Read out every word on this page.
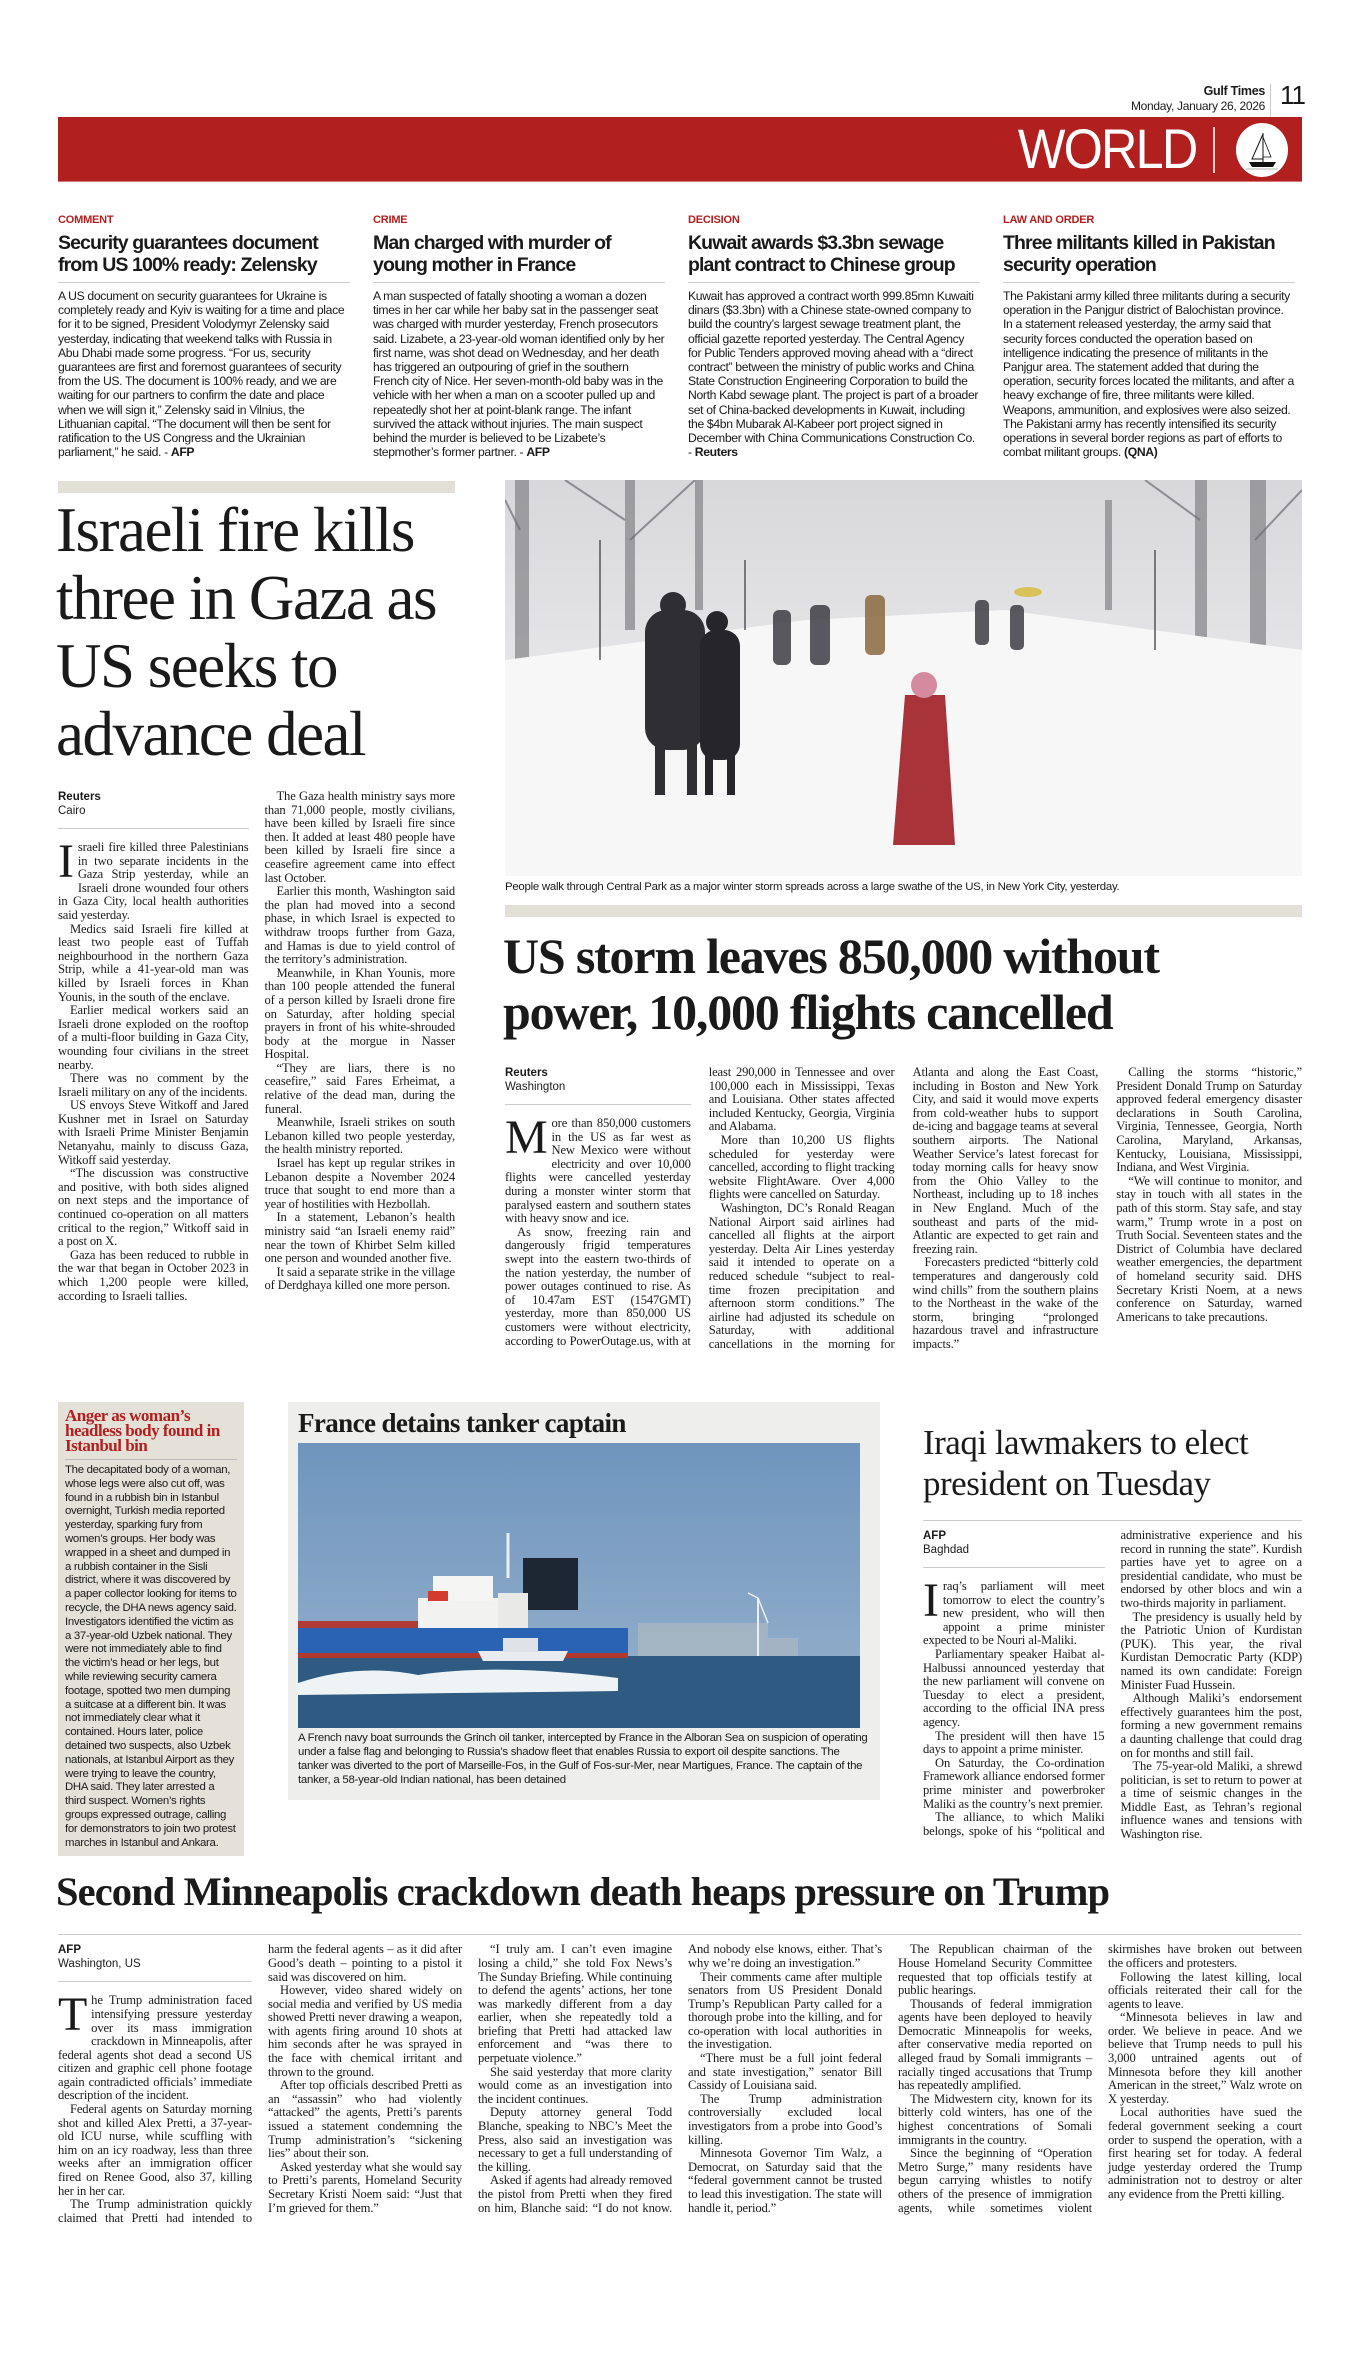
Gulf Times
Monday, January 26, 2026 11
WORLD
COMMENT
Security guarantees document from US 100% ready: Zelensky

A US document on security guarantees for Ukraine is completely ready and Kyiv is waiting for a time and place for it to be signed, President Volodymyr Zelensky said yesterday, indicating that weekend talks with Russia in Abu Dhabi made some progress. “For us, security guarantees are first and foremost guarantees of security from the US. The document is 100% ready, and we are waiting for our partners to confirm the date and place when we will sign it,” Zelensky said in Vilnius, the Lithuanian capital. “The document will then be sent for ratification to the US Congress and the Ukrainian parliament,” he said. - AFP

CRIME
Man charged with murder of young mother in France

A man suspected of fatally shooting a woman a dozen times in her car while her baby sat in the passenger seat was charged with murder yesterday, French prosecutors said. Lizabete, a 23-year-old woman identified only by her first name, was shot dead on Wednesday, and her death has triggered an outpouring of grief in the southern French city of Nice. Her seven-month-old baby was in the vehicle with her when a man on a scooter pulled up and repeatedly shot her at point-blank range. The infant survived the attack without injuries. The main suspect behind the murder is believed to be Lizabete’s stepmother’s former partner. - AFP

DECISION
Kuwait awards $3.3bn sewage plant contract to Chinese group

Kuwait has approved a contract worth 999.85mn Kuwaiti dinars ($3.3bn) with a Chinese state-owned company to build the country’s largest sewage treatment plant, the official gazette reported yesterday. The Central Agency for Public Tenders approved moving ahead with a “direct contract” between the ministry of public works and China State Construction Engineering Corporation to build the North Kabd sewage plant. The project is part of a broader set of China-backed developments in Kuwait, including the $4bn Mubarak Al-Kabeer port project signed in December with China Communications Construction Co. - Reuters

LAW AND ORDER
Three militants killed in Pakistan security operation

The Pakistani army killed three militants during a security operation in the Panjgur district of Balochistan province. In a statement released yesterday, the army said that security forces conducted the operation based on intelligence indicating the presence of militants in the Panjgur area. The statement added that during the operation, security forces located the militants, and after a heavy exchange of fire, three militants were killed. Weapons, ammunition, and explosives were also seized. The Pakistani army has recently intensified its security operations in several border regions as part of efforts to combat militant groups. (QNA)

Israeli fire kills three in Gaza as US seeks to advance deal
Reuters
Cairo

Israeli fire killed three Palestinians in two separate incidents in the Gaza Strip yesterday, while an Israeli drone wounded four others in Gaza City, local health authorities said yesterday.

Medics said Israeli fire killed at least two people east of Tuffah neighbourhood in the northern Gaza Strip, while a 41-year-old man was killed by Israeli forces in Khan Younis, in the south of the enclave.

Earlier medical workers said an Israeli drone exploded on the rooftop of a multi-floor building in Gaza City, wounding four civilians in the street nearby.

There was no comment by the Israeli military on any of the incidents.

US envoys Steve Witkoff and Jared Kushner met in Israel on Saturday with Israeli Prime Minister Benjamin Netanyahu, mainly to discuss Gaza, Witkoff said yesterday.

“The discussion was constructive and positive, with both sides aligned on next steps and the importance of continued co-operation on all matters critical to the region,” Witkoff said in a post on X.

Gaza has been reduced to rubble in the war that began in October 2023 in which 1,200 people were killed, according to Israeli tallies.

The Gaza health ministry says more than 71,000 people, mostly civilians, have been killed by Israeli fire since then. It added at least 480 people have been killed by Israeli fire since a ceasefire agreement came into effect last October.

Earlier this month, Washington said the plan had moved into a second phase, in which Israel is expected to withdraw troops further from Gaza, and Hamas is due to yield control of the territory’s administration.

Meanwhile, in Khan Younis, more than 100 people attended the funeral of a person killed by Israeli drone fire on Saturday, after holding special prayers in front of his white-shrouded body at the morgue in Nasser Hospital.

“They are liars, there is no ceasefire,” said Fares Erheimat, a relative of the dead man, during the funeral.

Meanwhile, Israeli strikes on south Lebanon killed two people yesterday, the health ministry reported.

Israel has kept up regular strikes in Lebanon despite a November 2024 truce that sought to end more than a year of hostilities with Hezbollah.

In a statement, Lebanon’s health ministry said “an Israeli enemy raid” near the town of Khirbet Selm killed one person and wounded another five.

It said a separate strike in the village of Derdghaya killed one more person.

People walk through Central Park as a major winter storm spreads across a large swathe of the US, in New York City, yesterday.
US storm leaves 850,000 without power, 10,000 flights cancelled
Reuters
Washington

More than 850,000 customers in the US as far west as New Mexico were without electricity and over 10,000 flights were cancelled yesterday during a monster winter storm that paralysed eastern and southern states with heavy snow and ice.

As snow, freezing rain and dangerously frigid temperatures swept into the eastern two-thirds of the nation yesterday, the number of power outages continued to rise. As of 10.47am EST (1547GMT) yesterday, more than 850,000 US customers were without electricity, according to PowerOutage.us, with at least 290,000 in Tennessee and over 100,000 each in Mississippi, Texas and Louisiana. Other states affected included Kentucky, Georgia, Virginia and Alabama.

More than 10,200 US flights scheduled for yesterday were cancelled, according to flight tracking website FlightAware. Over 4,000 flights were cancelled on Saturday.

Washington, DC’s Ronald Reagan National Airport said airlines had cancelled all flights at the airport yesterday. Delta Air Lines yesterday said it intended to operate on a reduced schedule “subject to real-time frozen precipitation and afternoon storm conditions.” The airline had adjusted its schedule on Saturday, with additional cancellations in the morning for Atlanta and along the East Coast, including in Boston and New York City, and said it would move experts from cold-weather hubs to support de-icing and baggage teams at several southern airports. The National Weather Service’s latest forecast for today morning calls for heavy snow from the Ohio Valley to the Northeast, including up to 18 inches in New England. Much of the southeast and parts of the mid-Atlantic are expected to get rain and freezing rain.

Forecasters predicted “bitterly cold temperatures and dangerously cold wind chills” from the southern plains to the Northeast in the wake of the storm, bringing “prolonged hazardous travel and infrastructure impacts.”

Calling the storms “historic,” President Donald Trump on Saturday approved federal emergency disaster declarations in South Carolina, Virginia, Tennessee, Georgia, North Carolina, Maryland, Arkansas, Kentucky, Louisiana, Mississippi, Indiana, and West Virginia.

“We will continue to monitor, and stay in touch with all states in the path of this storm. Stay safe, and stay warm,” Trump wrote in a post on Truth Social. Seventeen states and the District of Columbia have declared weather emergencies, the department of homeland security said. DHS Secretary Kristi Noem, at a news conference on Saturday, warned Americans to take precautions.

Anger as woman’s headless body found in Istanbul bin

The decapitated body of a woman, whose legs were also cut off, was found in a rubbish bin in Istanbul overnight, Turkish media reported yesterday, sparking fury from women’s groups. Her body was wrapped in a sheet and dumped in a rubbish container in the Sisli district, where it was discovered by a paper collector looking for items to recycle, the DHA news agency said.

Investigators identified the victim as a 37-year-old Uzbek national. They were not immediately able to find the victim’s head or her legs, but while reviewing security camera footage, spotted two men dumping a suitcase at a different bin. It was not immediately clear what it contained. Hours later, police detained two suspects, also Uzbek nationals, at Istanbul Airport as they were trying to leave the country, DHA said. They later arrested a third suspect. Women’s rights groups expressed outrage, calling for demonstrators to join two protest marches in Istanbul and Ankara.

France detains tanker captain
A French navy boat surrounds the Grinch oil tanker, intercepted by France in the Alboran Sea on suspicion of operating under a false flag and belonging to Russia’s shadow fleet that enables Russia to export oil despite sanctions. The tanker was diverted to the port of Marseille-Fos, in the Gulf of Fos-sur-Mer, near Martigues, France. The captain of the tanker, a 58-year-old Indian national, has been detained
Iraqi lawmakers to elect president on Tuesday
AFP
Baghdad

Iraq’s parliament will meet tomorrow to elect the country’s new president, who will then appoint a prime minister expected to be Nouri al-Maliki.

Parliamentary speaker Haibat al-Halbussi announced yesterday that the new parliament will convene on Tuesday to elect a president, according to the official INA press agency.

The president will then have 15 days to appoint a prime minister.

On Saturday, the Co-ordination Framework alliance endorsed former prime minister and powerbroker Maliki as the country’s next premier.

The alliance, to which Maliki belongs, spoke of his “political and administrative experience and his record in running the state”. Kurdish parties have yet to agree on a presidential candidate, who must be endorsed by other blocs and win a two-thirds majority in parliament.

The presidency is usually held by the Patriotic Union of Kurdistan (PUK). This year, the rival Kurdistan Democratic Party (KDP) named its own candidate: Foreign Minister Fuad Hussein.

Although Maliki’s endorsement effectively guarantees him the post, forming a new government remains a daunting challenge that could drag on for months and still fail.

The 75-year-old Maliki, a shrewd politician, is set to return to power at a time of seismic changes in the Middle East, as Tehran’s regional influence wanes and tensions with Washington rise.

Second Minneapolis crackdown death heaps pressure on Trump
AFP
Washington, US

The Trump administration faced intensifying pressure yesterday over its mass immigration crackdown in Minneapolis, after federal agents shot dead a second US citizen and graphic cell phone footage again contradicted officials’ immediate description of the incident.

Federal agents on Saturday morning shot and killed Alex Pretti, a 37-year-old ICU nurse, while scuffling with him on an icy roadway, less than three weeks after an immigration officer fired on Renee Good, also 37, killing her in her car.

The Trump administration quickly claimed that Pretti had intended to harm the federal agents – as it did after Good’s death – pointing to a pistol it said was discovered on him.

However, video shared widely on social media and verified by US media showed Pretti never drawing a weapon, with agents firing around 10 shots at him seconds after he was sprayed in the face with chemical irritant and thrown to the ground.

After top officials described Pretti as an “assassin” who had violently “attacked” the agents, Pretti’s parents issued a statement condemning the Trump administration’s “sickening lies” about their son.

Asked yesterday what she would say to Pretti’s parents, Homeland Security Secretary Kristi Noem said: “Just that I’m grieved for them.”

“I truly am. I can’t even imagine losing a child,” she told Fox News’s The Sunday Briefing. While continuing to defend the agents’ actions, her tone was markedly different from a day earlier, when she repeatedly told a briefing that Pretti had attacked law enforcement and “was there to perpetuate violence.”

She said yesterday that more clarity would come as an investigation into the incident continues.

Deputy attorney general Todd Blanche, speaking to NBC’s Meet the Press, also said an investigation was necessary to get a full understanding of the killing.

Asked if agents had already removed the pistol from Pretti when they fired on him, Blanche said: “I do not know. And nobody else knows, either. That’s why we’re doing an investigation.”

Their comments came after multiple senators from US President Donald Trump’s Republican Party called for a thorough probe into the killing, and for co-operation with local authorities in the investigation.

“There must be a full joint federal and state investigation,” senator Bill Cassidy of Louisiana said.

The Trump administration controversially excluded local investigators from a probe into Good’s killing.

Minnesota Governor Tim Walz, a Democrat, on Saturday said that the “federal government cannot be trusted to lead this investigation. The state will handle it, period.”

The Republican chairman of the House Homeland Security Committee requested that top officials testify at public hearings.

Thousands of federal immigration agents have been deployed to heavily Democratic Minneapolis for weeks, after conservative media reported on alleged fraud by Somali immigrants – racially tinged accusations that Trump has repeatedly amplified.

The Midwestern city, known for its bitterly cold winters, has one of the highest concentrations of Somali immigrants in the country.

Since the beginning of “Operation Metro Surge,” many residents have begun carrying whistles to notify others of the presence of immigration agents, while sometimes violent skirmishes have broken out between the officers and protesters.

Following the latest killing, local officials reiterated their call for the agents to leave.

“Minnesota believes in law and order. We believe in peace. And we believe that Trump needs to pull his 3,000 untrained agents out of Minnesota before they kill another American in the street,” Walz wrote on X yesterday.

Local authorities have sued the federal government seeking a court order to suspend the operation, with a first hearing set for today. A federal judge yesterday ordered the Trump administration not to destroy or alter any evidence from the Pretti killing.
